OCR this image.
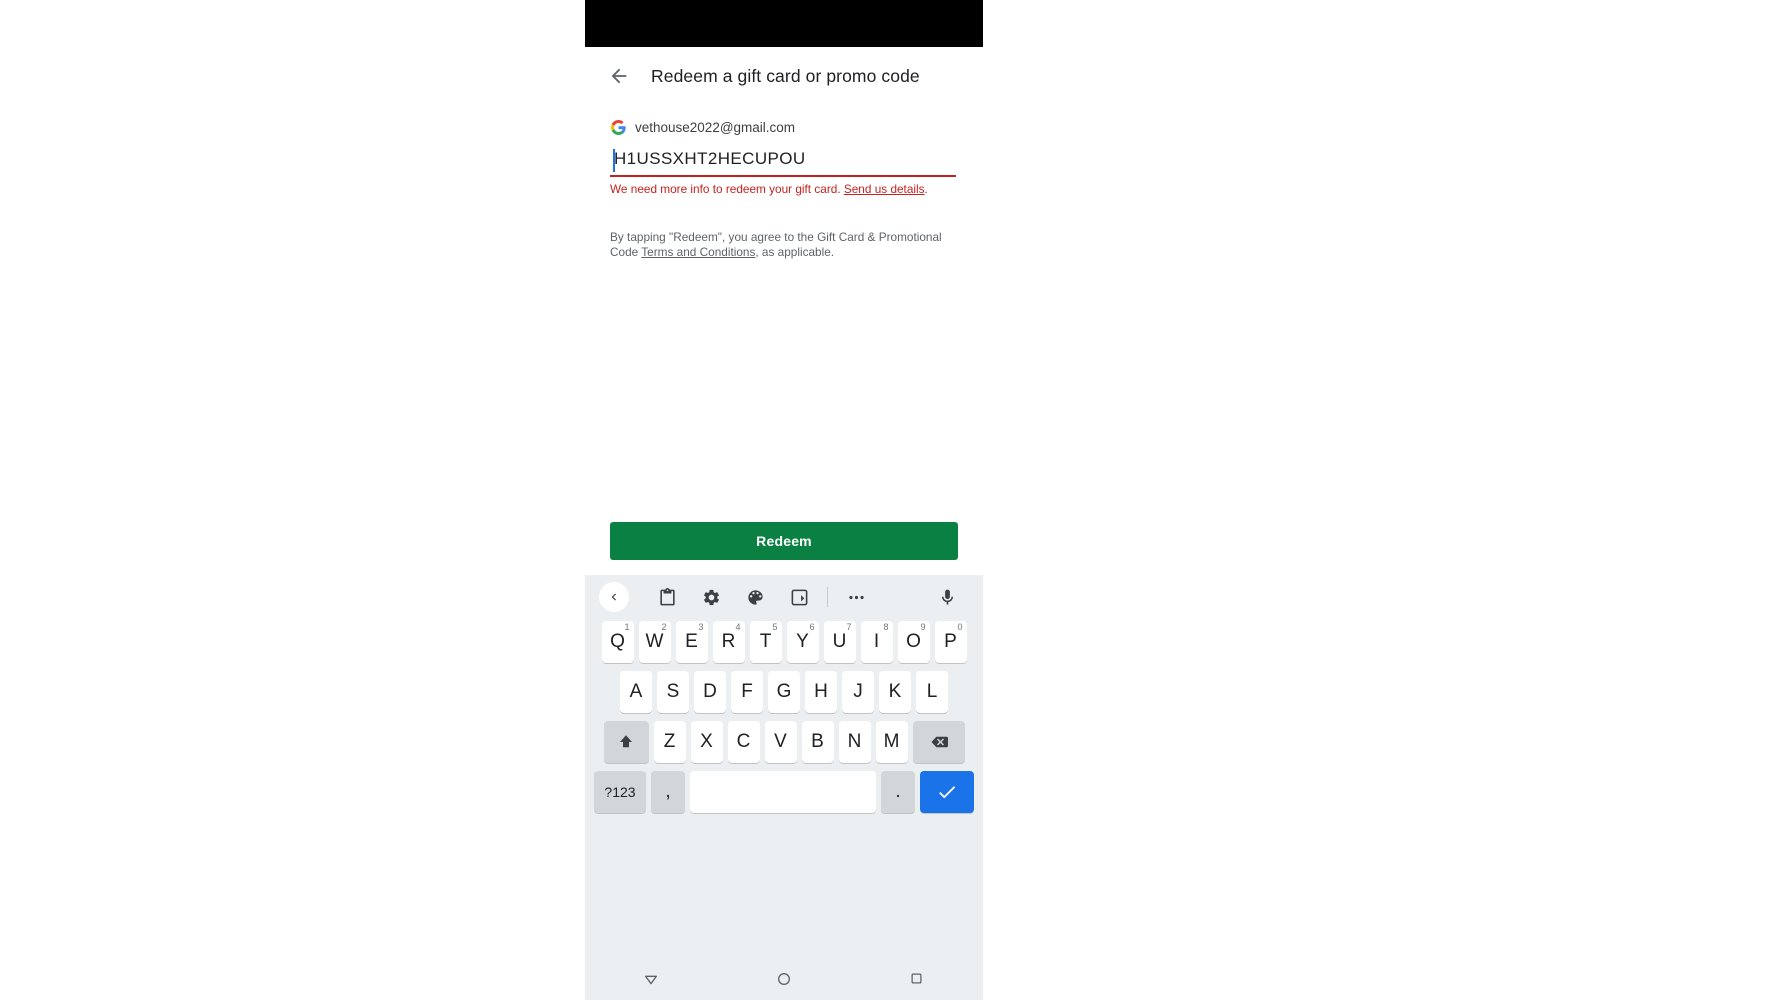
Redeem a gift card or promo code
vethouse2022@gmail.com
H1USSXHT2HECUPOU
We need more info to redeem your gift card. Send us details.
By tapping "Redeem", you agree to the Gift Card & Promotional Code Terms and Conditions, as applicable.
Redeem
1
Q
2
W
3
E
4
R
5
T
6
Y
7
U
8
I
9
O
0
P
A S D F G H J K L
Z X C V B N M
?123	,	.
